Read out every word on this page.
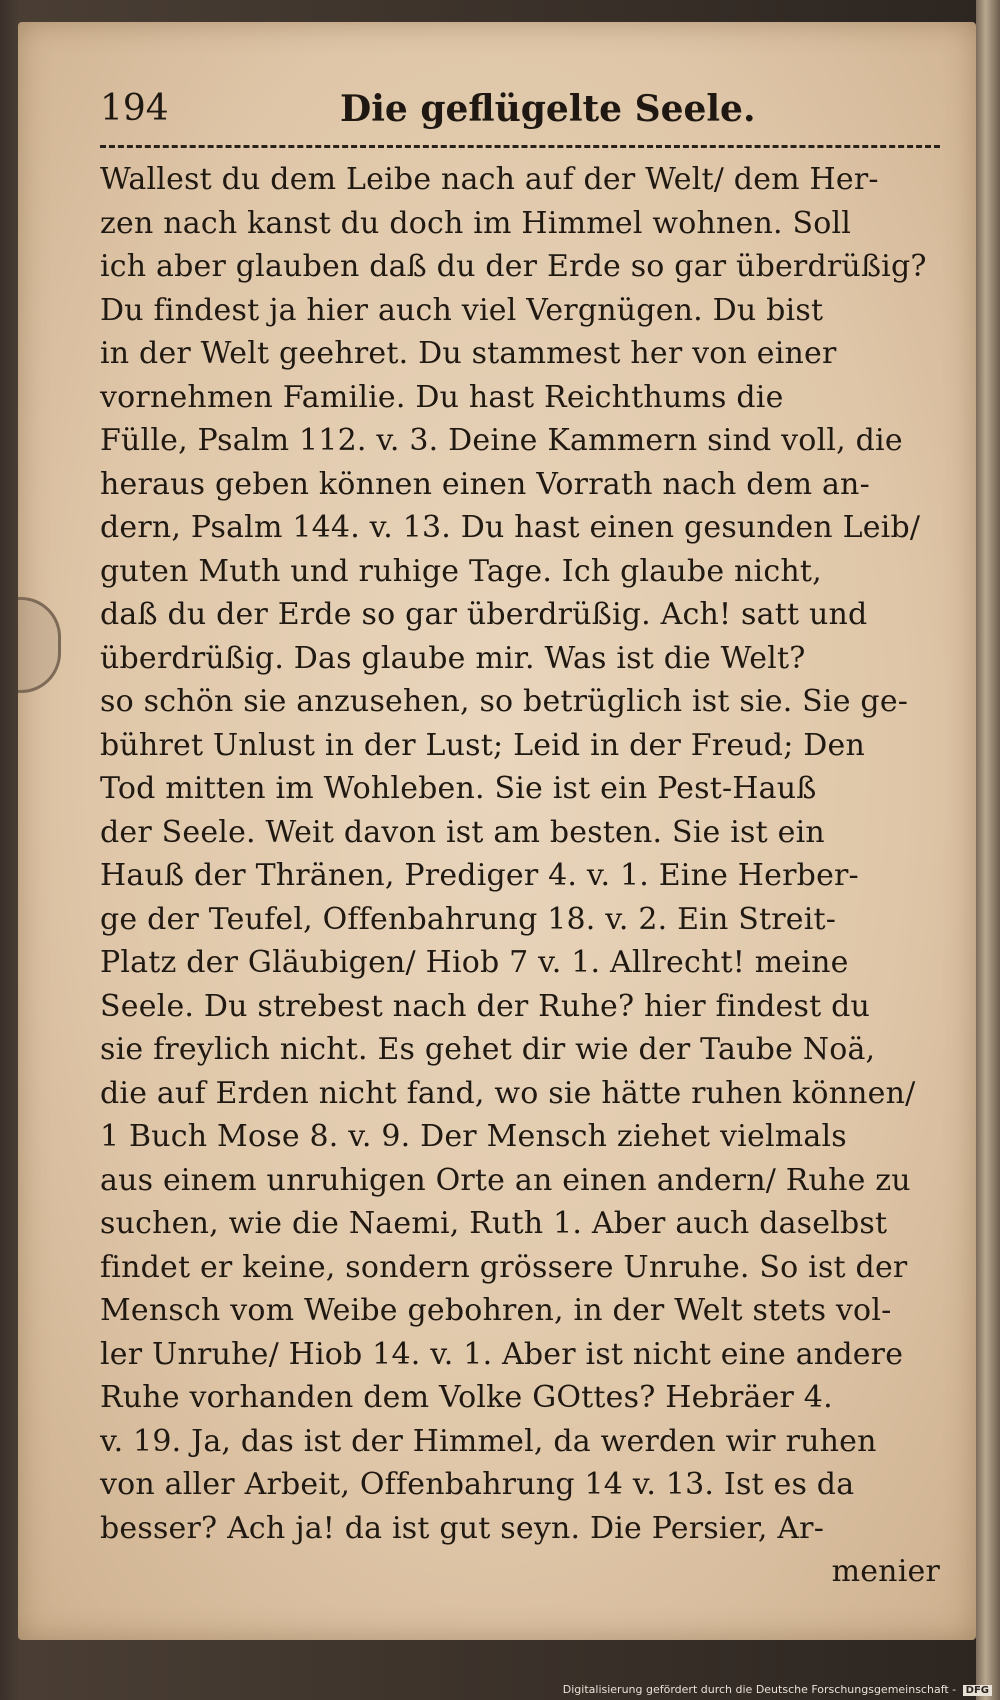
194	Die geflügelte Seele.
Wallest du dem Leibe nach auf der Welt/ dem Her-
zen nach kanst du doch im Himmel wohnen. Soll
ich aber glauben daß du der Erde so gar überdrüßig?
Du findest ja hier auch viel Vergnügen. Du bist
in der Welt geehret. Du stammest her von einer
vornehmen Familie. Du hast Reichthums die
Fülle, Psalm 112. v. 3. Deine Kammern sind voll, die
heraus geben können einen Vorrath nach dem an-
dern, Psalm 144. v. 13. Du hast einen gesunden Leib/
guten Muth und ruhige Tage. Ich glaube nicht,
daß du der Erde so gar überdrüßig. Ach! satt und
überdrüßig. Das glaube mir. Was ist die Welt?
so schön sie anzusehen, so betrüglich ist sie. Sie ge-
bühret Unlust in der Lust; Leid in der Freud; Den
Tod mitten im Wohleben. Sie ist ein Pest-Hauß
der Seele. Weit davon ist am besten. Sie ist ein
Hauß der Thränen, Prediger 4. v. 1. Eine Herber-
ge der Teufel, Offenbahrung 18. v. 2. Ein Streit-
Platz der Gläubigen/ Hiob 7 v. 1. Allrecht! meine
Seele. Du strebest nach der Ruhe? hier findest du
sie freylich nicht. Es gehet dir wie der Taube Noä,
die auf Erden nicht fand, wo sie hätte ruhen können/
1 Buch Mose 8. v. 9. Der Mensch ziehet vielmals
aus einem unruhigen Orte an einen andern/ Ruhe zu
suchen, wie die Naemi, Ruth 1. Aber auch daselbst
findet er keine, sondern grössere Unruhe. So ist der
Mensch vom Weibe gebohren, in der Welt stets vol-
ler Unruhe/ Hiob 14. v. 1. Aber ist nicht eine andere
Ruhe vorhanden dem Volke GOttes? Hebräer 4.
v. 19. Ja, das ist der Himmel, da werden wir ruhen
von aller Arbeit, Offenbahrung 14 v. 13. Ist es da
besser? Ach ja! da ist gut seyn. Die Persier, Ar-
menier
Digitalisierung gefördert durch die Deutsche Forschungsgemeinschaft - DFG
